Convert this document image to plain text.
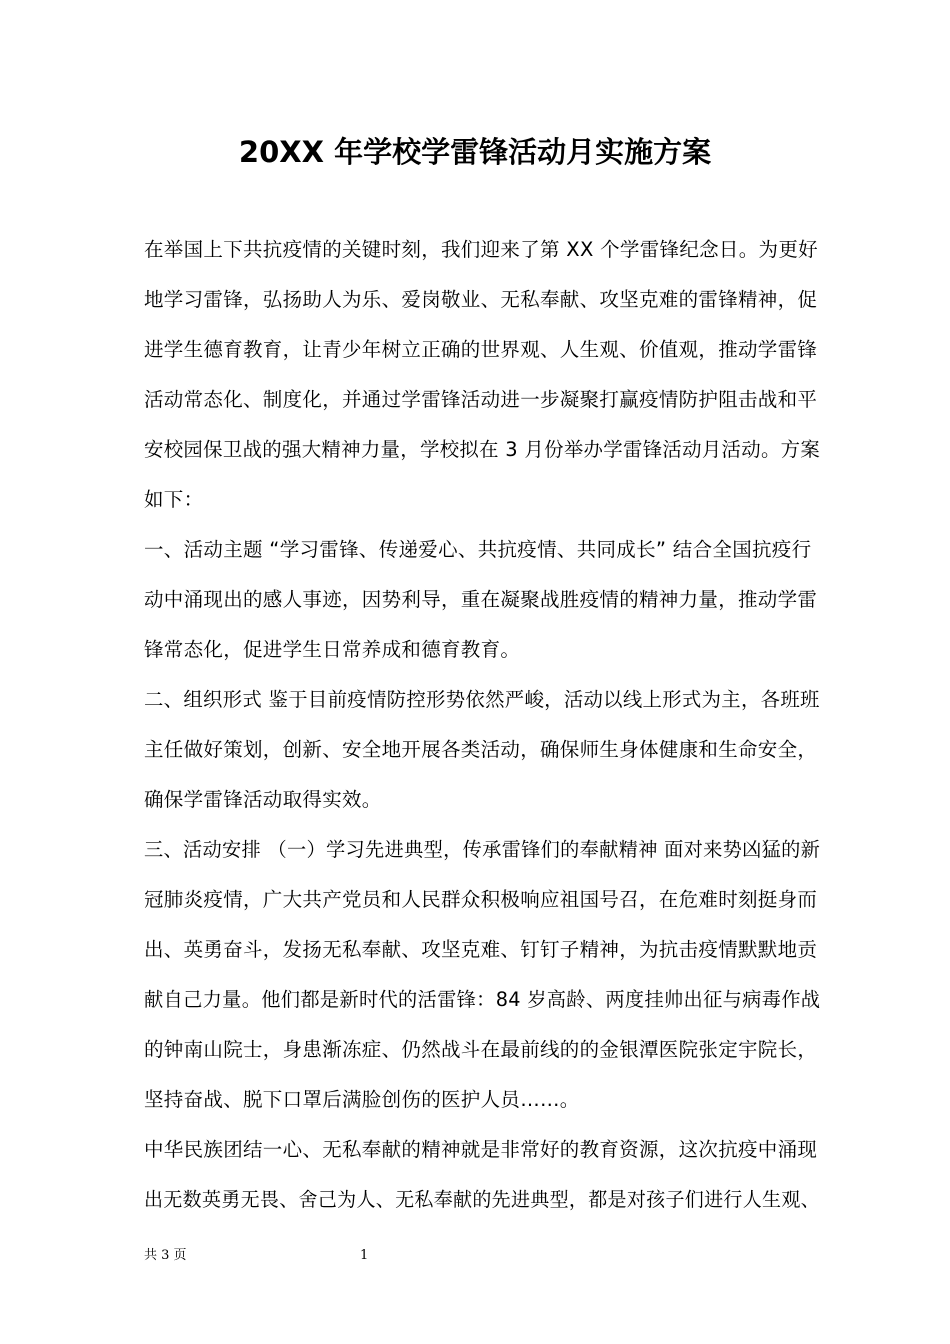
20XX 年学校学雷锋活动月实施方案
在举国上下共抗疫情的关键时刻，我们迎来了第 XX 个学雷锋纪念日。为更好
地学习雷锋，弘扬助人为乐、爱岗敬业、无私奉献、攻坚克难的雷锋精神，促
进学生德育教育，让青少年树立正确的世界观、人生观、价值观，推动学雷锋
活动常态化、制度化，并通过学雷锋活动进一步凝聚打赢疫情防护阻击战和平
安校园保卫战的强大精神力量，学校拟在 3 月份举办学雷锋活动月活动。方案
如下：
一、活动主题 “学习雷锋、传递爱心、共抗疫情、共同成长” 结合全国抗疫行
动中涌现出的感人事迹，因势利导，重在凝聚战胜疫情的精神力量，推动学雷
锋常态化，促进学生日常养成和德育教育。
二、组织形式 鉴于目前疫情防控形势依然严峻，活动以线上形式为主，各班班
主任做好策划，创新、安全地开展各类活动，确保师生身体健康和生命安全，
确保学雷锋活动取得实效。
三、活动安排 （一）学习先进典型，传承雷锋们的奉献精神 面对来势凶猛的新
冠肺炎疫情，广大共产党员和人民群众积极响应祖国号召，在危难时刻挺身而
出、英勇奋斗，发扬无私奉献、攻坚克难、钉钉子精神，为抗击疫情默默地贡
献自己力量。他们都是新时代的活雷锋：84 岁高龄、两度挂帅出征与病毒作战
的钟南山院士，身患渐冻症、仍然战斗在最前线的的金银潭医院张定宇院长，
坚持奋战、脱下口罩后满脸创伤的医护人员……。
中华民族团结一心、无私奉献的精神就是非常好的教育资源，这次抗疫中涌现
出无数英勇无畏、舍己为人、无私奉献的先进典型，都是对孩子们进行人生观、
共 3 页	1
